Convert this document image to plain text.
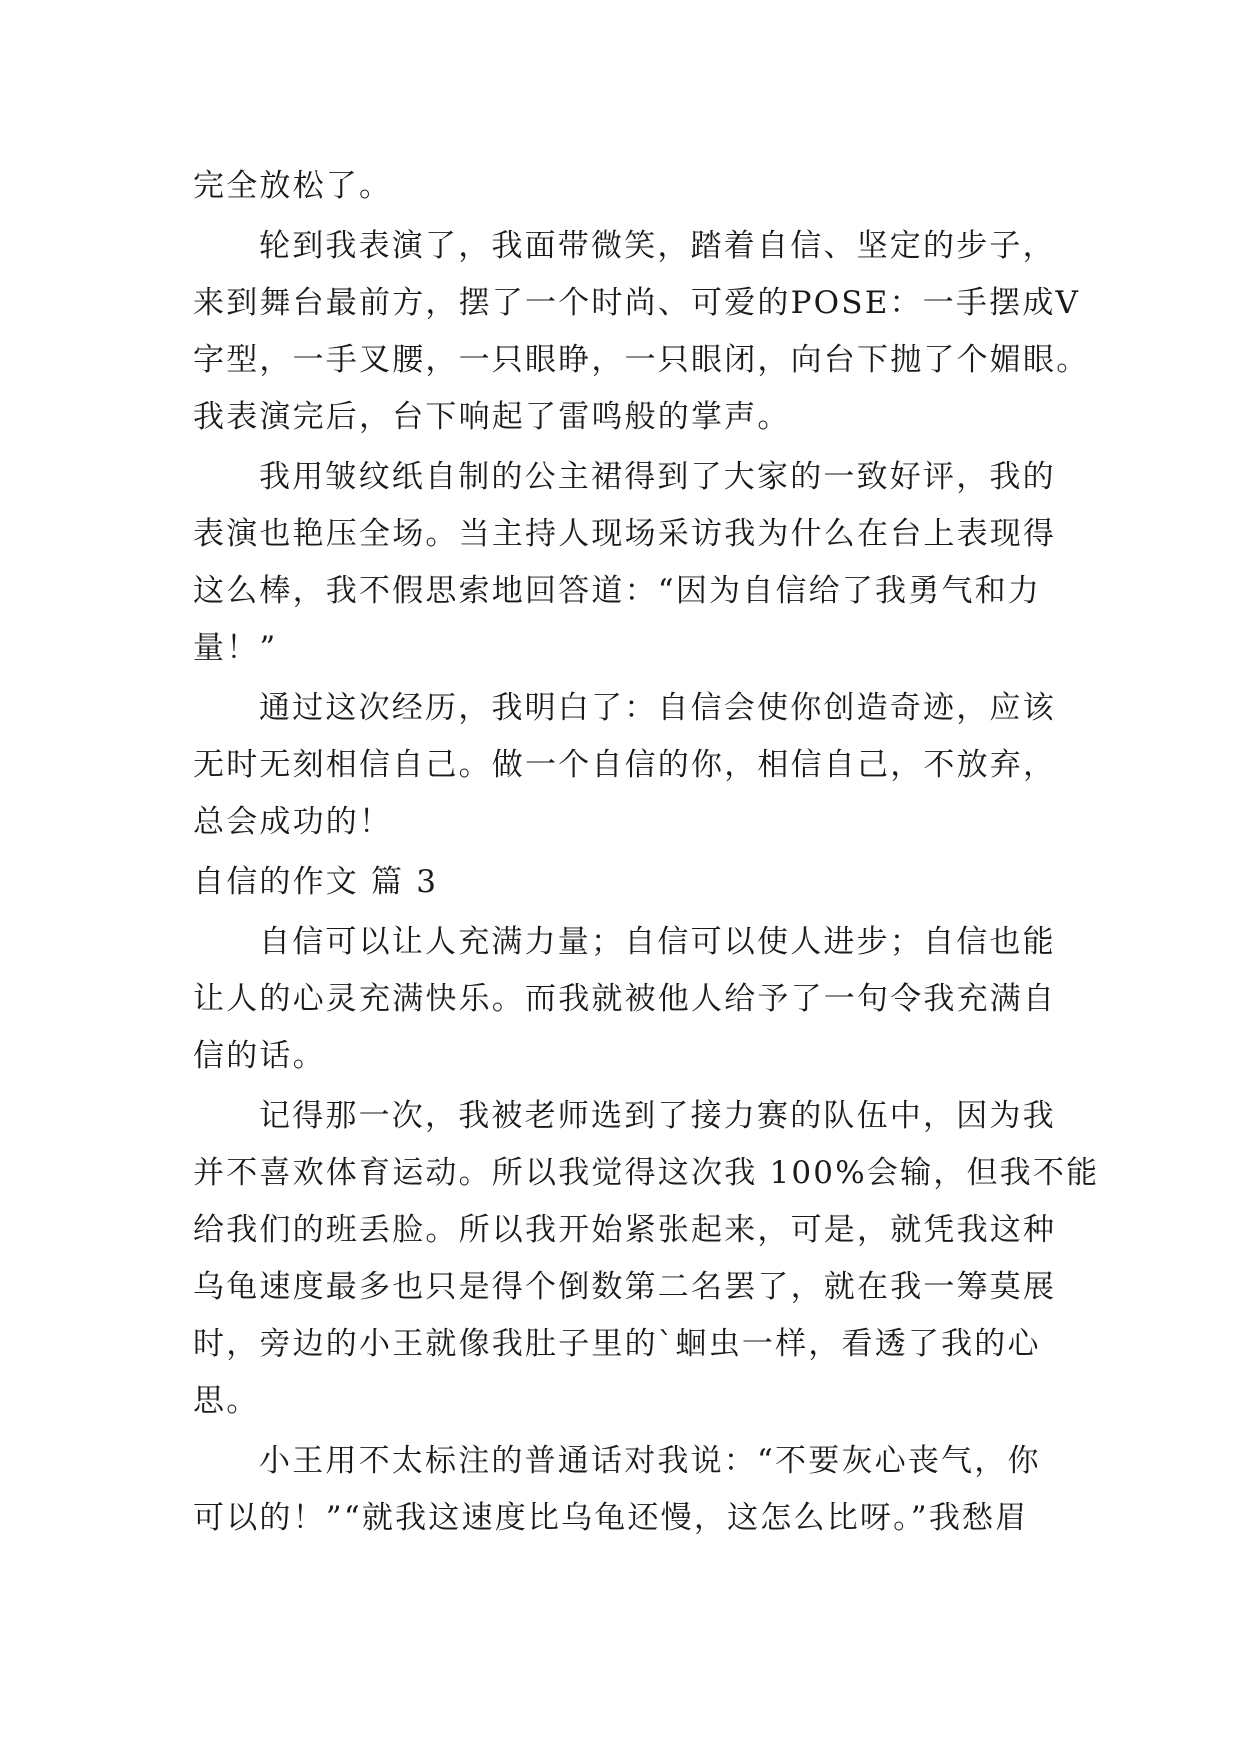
完全放松了。
轮到我表演了，我面带微笑，踏着自信、坚定的步子，
来到舞台最前方，摆了一个时尚、可爱的POSE：一手摆成V
字型，一手叉腰，一只眼睁，一只眼闭，向台下抛了个媚眼。
我表演完后，台下响起了雷鸣般的掌声。
我用皱纹纸自制的公主裙得到了大家的一致好评，我的
表演也艳压全场。当主持人现场采访我为什么在台上表现得
这么棒，我不假思索地回答道：“因为自信给了我勇气和力
量！”
通过这次经历，我明白了：自信会使你创造奇迹，应该
无时无刻相信自己。做一个自信的你，相信自己，不放弃，
总会成功的！
自信的作文 篇 3
自信可以让人充满力量；自信可以使人进步；自信也能
让人的心灵充满快乐。而我就被他人给予了一句令我充满自
信的话。
记得那一次，我被老师选到了接力赛的队伍中，因为我
并不喜欢体育运动。所以我觉得这次我 100%会输，但我不能
给我们的班丢脸。所以我开始紧张起来，可是，就凭我这种
乌龟速度最多也只是得个倒数第二名罢了，就在我一筹莫展
时，旁边的小王就像我肚子里的`蛔虫一样，看透了我的心
思。
小王用不太标注的普通话对我说：“不要灰心丧气，你
可以的！”“就我这速度比乌龟还慢，这怎么比呀。”我愁眉
